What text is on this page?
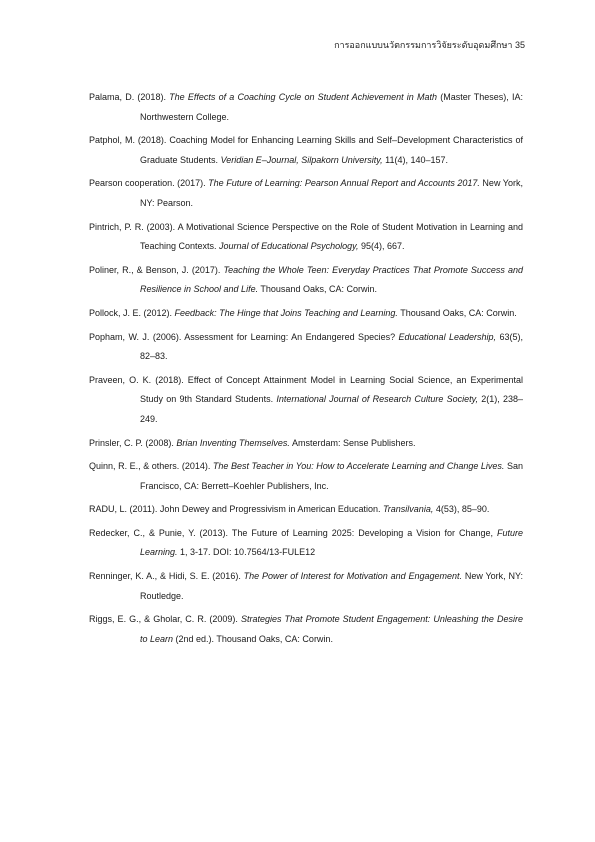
การออกแบบนวัตกรรมการวิจัยระดับอุดมศึกษา 35

Palama, D. (2018). The Effects of a Coaching Cycle on Student Achievement in Math (Master Theses), IA: Northwestern College.

Patphol, M. (2018). Coaching Model for Enhancing Learning Skills and Self–Development Characteristics of Graduate Students. Veridian E–Journal, Silpakorn University, 11(4), 140–157.

Pearson cooperation. (2017). The Future of Learning: Pearson Annual Report and Accounts 2017. New York, NY: Pearson.

Pintrich, P. R. (2003). A Motivational Science Perspective on the Role of Student Motivation in Learning and Teaching Contexts. Journal of Educational Psychology, 95(4), 667.

Poliner, R., & Benson, J. (2017). Teaching the Whole Teen: Everyday Practices That Promote Success and Resilience in School and Life. Thousand Oaks, CA: Corwin.

Pollock, J. E. (2012). Feedback: The Hinge that Joins Teaching and Learning. Thousand Oaks, CA: Corwin.

Popham, W. J. (2006). Assessment for Learning: An Endangered Species? Educational Leadership, 63(5), 82–83.

Praveen, O. K. (2018). Effect of Concept Attainment Model in Learning Social Science, an Experimental Study on 9th Standard Students. International Journal of Research Culture Society, 2(1), 238–249.

Prinsler, C. P. (2008). Brian Inventing Themselves. Amsterdam: Sense Publishers.

Quinn, R. E., & others. (2014). The Best Teacher in You: How to Accelerate Learning and Change Lives. San Francisco, CA: Berrett–Koehler Publishers, Inc.

RADU, L. (2011). John Dewey and Progressivism in American Education. Transilvania, 4(53), 85–90.

Redecker, C., & Punie, Y. (2013). The Future of Learning 2025: Developing a Vision for Change, Future Learning. 1, 3-17. DOI: 10.7564/13-FULE12

Renninger, K. A., & Hidi, S. E. (2016). The Power of Interest for Motivation and Engagement. New York, NY: Routledge.

Riggs, E. G., & Gholar, C. R. (2009). Strategies That Promote Student Engagement: Unleashing the Desire to Learn (2nd ed.). Thousand Oaks, CA: Corwin.
